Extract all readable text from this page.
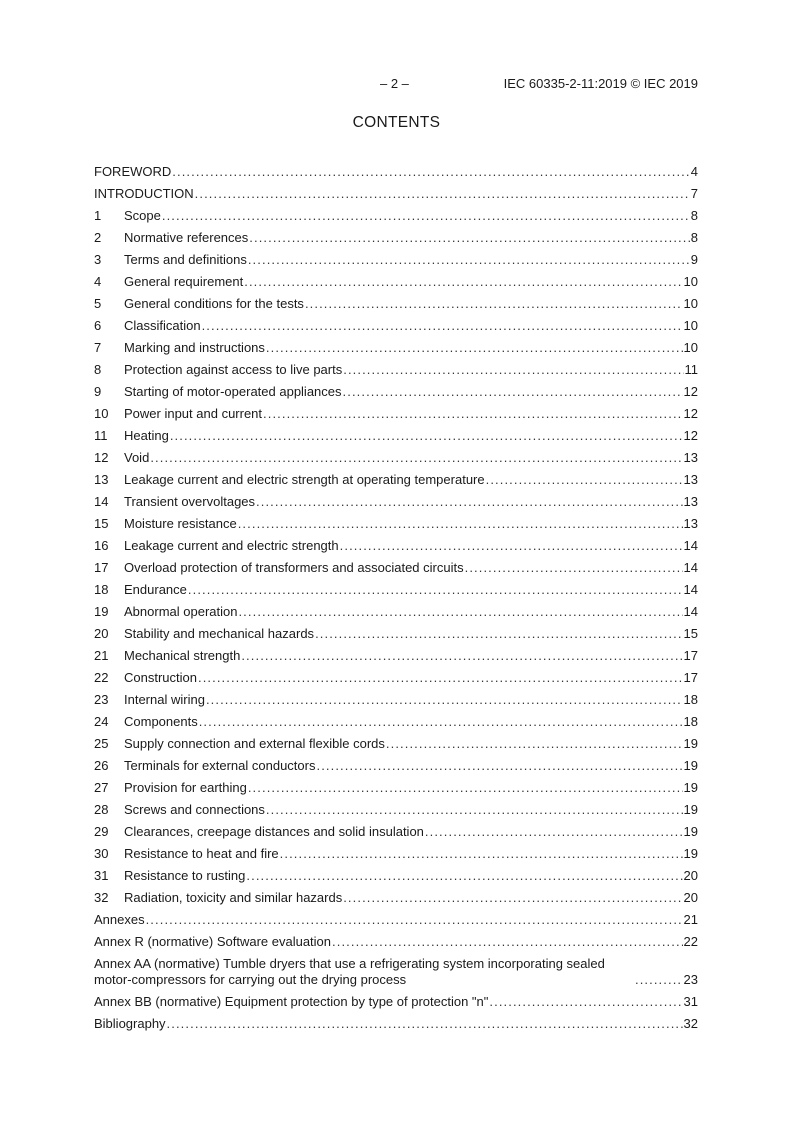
– 2 –	IEC 60335-2-11:2019 © IEC 2019
CONTENTS
FOREWORD .....	4
INTRODUCTION .....	7
1	Scope .....	8
2	Normative references .....	8
3	Terms and definitions .....	9
4	General requirement .....	10
5	General conditions for the tests .....	10
6	Classification .....	10
7	Marking and instructions .....	10
8	Protection against access to live parts .....	11
9	Starting of motor-operated appliances .....	12
10	Power input and current .....	12
11	Heating .....	12
12	Void .....	13
13	Leakage current and electric strength at operating temperature .....	13
14	Transient overvoltages .....	13
15	Moisture resistance .....	13
16	Leakage current and electric strength .....	14
17	Overload protection of transformers and associated circuits .....	14
18	Endurance .....	14
19	Abnormal operation .....	14
20	Stability and mechanical hazards .....	15
21	Mechanical strength .....	17
22	Construction .....	17
23	Internal wiring .....	18
24	Components .....	18
25	Supply connection and external flexible cords .....	19
26	Terminals for external conductors .....	19
27	Provision for earthing .....	19
28	Screws and connections .....	19
29	Clearances, creepage distances and solid insulation .....	19
30	Resistance to heat and fire .....	19
31	Resistance to rusting .....	20
32	Radiation, toxicity and similar hazards .....	20
Annexes .....	21
Annex R (normative) Software evaluation .....	22
Annex AA (normative) Tumble dryers that use a refrigerating system incorporating sealed motor-compressors for carrying out the drying process .....	23
Annex BB (normative) Equipment protection by type of protection "n" .....	31
Bibliography .....	32
